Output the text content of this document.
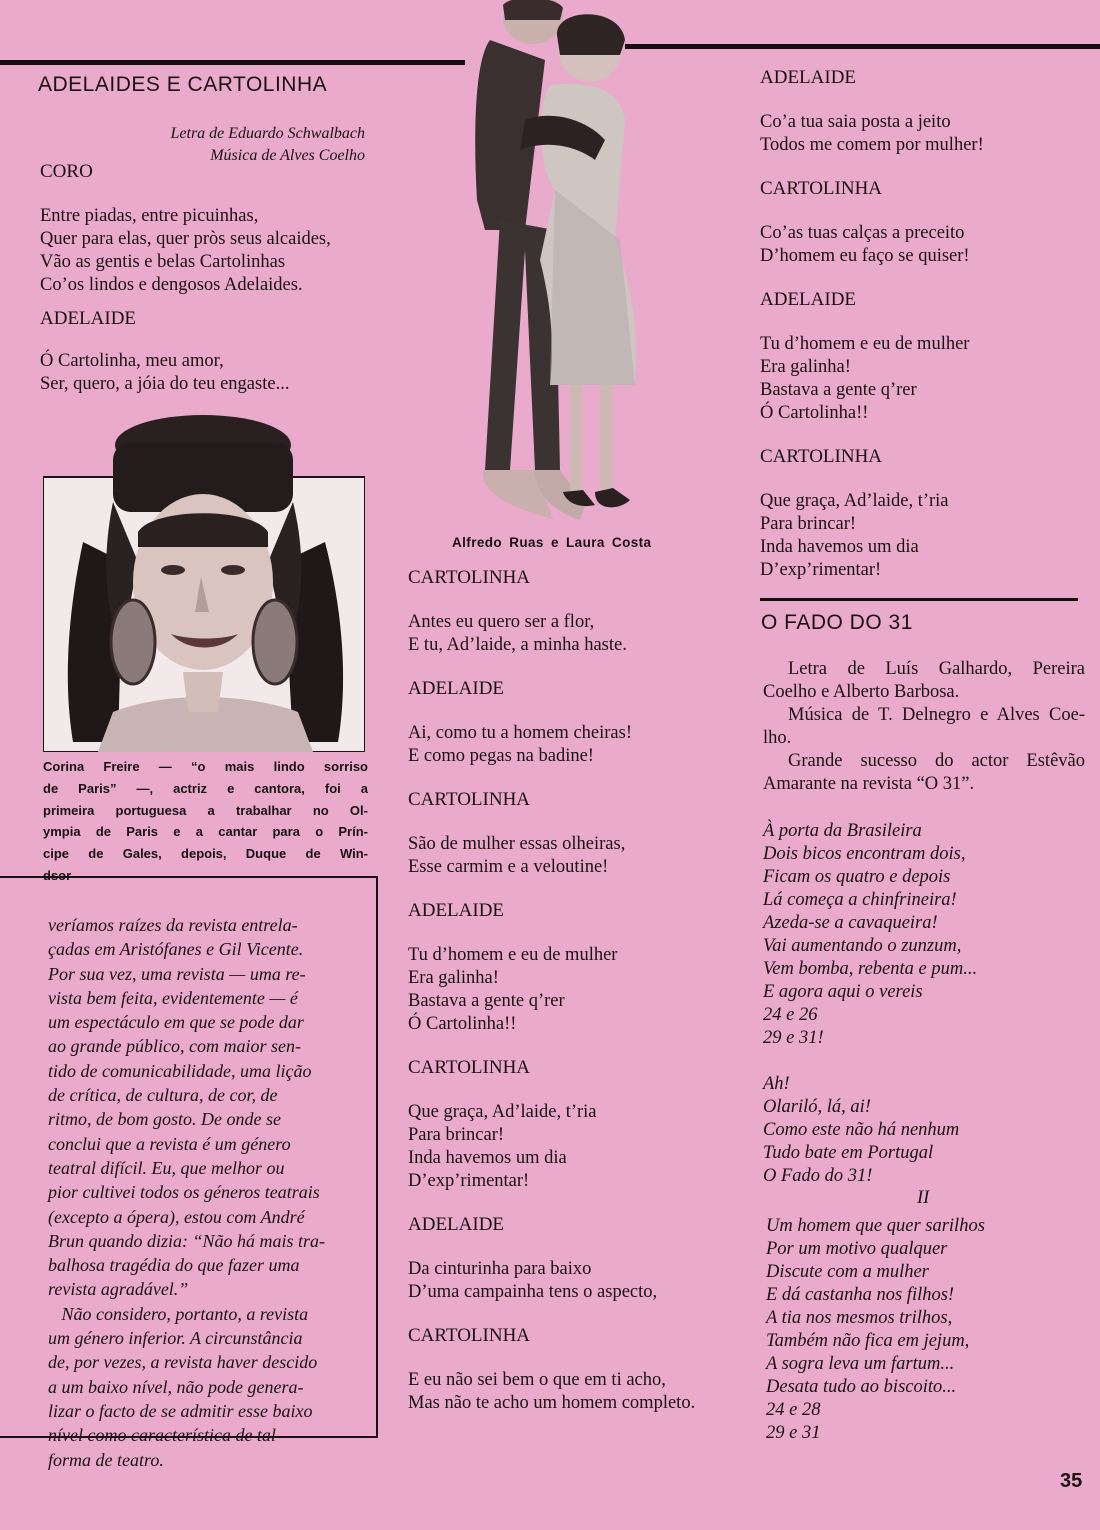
ADELAIDES E CARTOLINHA
Letra de Eduardo Schwalbach
Música de Alves Coelho
CORO
Entre piadas, entre picuinhas,
Quer para elas, quer pròs seus alcaides,
Vão as gentis e belas Cartolinhas
Co’os lindos e dengosos Adelaides.
ADELAIDE
Ó Cartolinha, meu amor,
Ser, quero, a jóia do teu engaste...
Corina Freire — “o mais lindo sorriso
de Paris” —, actriz e cantora, foi a
primeira portuguesa a trabalhar no Ol-
ympia de Paris e a cantar para o Prín-
cipe de Gales, depois, Duque de Win-
dsor
veríamos raízes da revista entrela-
çadas em Aristófanes e Gil Vicente.
Por sua vez, uma revista — uma re-
vista bem feita, evidentemente — é
um espectáculo em que se pode dar
ao grande público, com maior sen-
tido de comunicabilidade, uma lição
de crítica, de cultura, de cor, de
ritmo, de bom gosto. De onde se
conclui que a revista é um género
teatral difícil. Eu, que melhor ou
pior cultivei todos os géneros teatrais
(excepto a ópera), estou com André
Brun quando dizia: “Não há mais tra-
balhosa tragédia do que fazer uma
revista agradável.”
Não considero, portanto, a revista
um género inferior. A circunstância
de, por vezes, a revista haver descido
a um baixo nível, não pode genera-
lizar o facto de se admitir esse baixo
nível como característica de tal
forma de teatro.
Alfredo Ruas e Laura Costa

CARTOLINHA

Antes eu quero ser a flor,
E tu, Ad’laide, a minha haste.

ADELAIDE

Ai, como tu a homem cheiras!
E como pegas na badine!

CARTOLINHA

São de mulher essas olheiras,
Esse carmim e a veloutine!

ADELAIDE

Tu d’homem e eu de mulher
Era galinha!
Bastava a gente q’rer
Ó Cartolinha!!

CARTOLINHA

Que graça, Ad’laide, t’ria
Para brincar!
Inda havemos um dia
D’exp’rimentar!

ADELAIDE

Da cinturinha para baixo
D’uma campainha tens o aspecto,

CARTOLINHA

E eu não sei bem o que em ti acho,
Mas não te acho um homem completo.

ADELAIDE

Co’a tua saia posta a jeito
Todos me comem por mulher!

CARTOLINHA

Co’as tuas calças a preceito
D’homem eu faço se quiser!

ADELAIDE

Tu d’homem e eu de mulher
Era galinha!
Bastava a gente q’rer
Ó Cartolinha!!

CARTOLINHA

Que graça, Ad’laide, t’ria
Para brincar!
Inda havemos um dia
D’exp’rimentar!
O FADO DO 31
Letra de Luís Galhardo, Pereira
Coelho e Alberto Barbosa.
Música de T. Delnegro e Alves Coe-
lho.
Grande sucesso do actor Estêvão
Amarante na revista “O 31”.
À porta da Brasileira
Dois bicos encontram dois,
Ficam os quatro e depois
Lá começa a chinfrineira!
Azeda-se a cavaqueira!
Vai aumentando o zunzum,
Vem bomba, rebenta e pum...
E agora aqui o vereis
24 e 26
29 e 31!
Ah!
Olariló, lá, ai!
Como este não há nenhum
Tudo bate em Portugal
O Fado do 31!
II
Um homem que quer sarilhos
Por um motivo qualquer
Discute com a mulher
E dá castanha nos filhos!
A tia nos mesmos trilhos,
Também não fica em jejum,
A sogra leva um fartum...
Desata tudo ao biscoito...
24 e 28
29 e 31
35
